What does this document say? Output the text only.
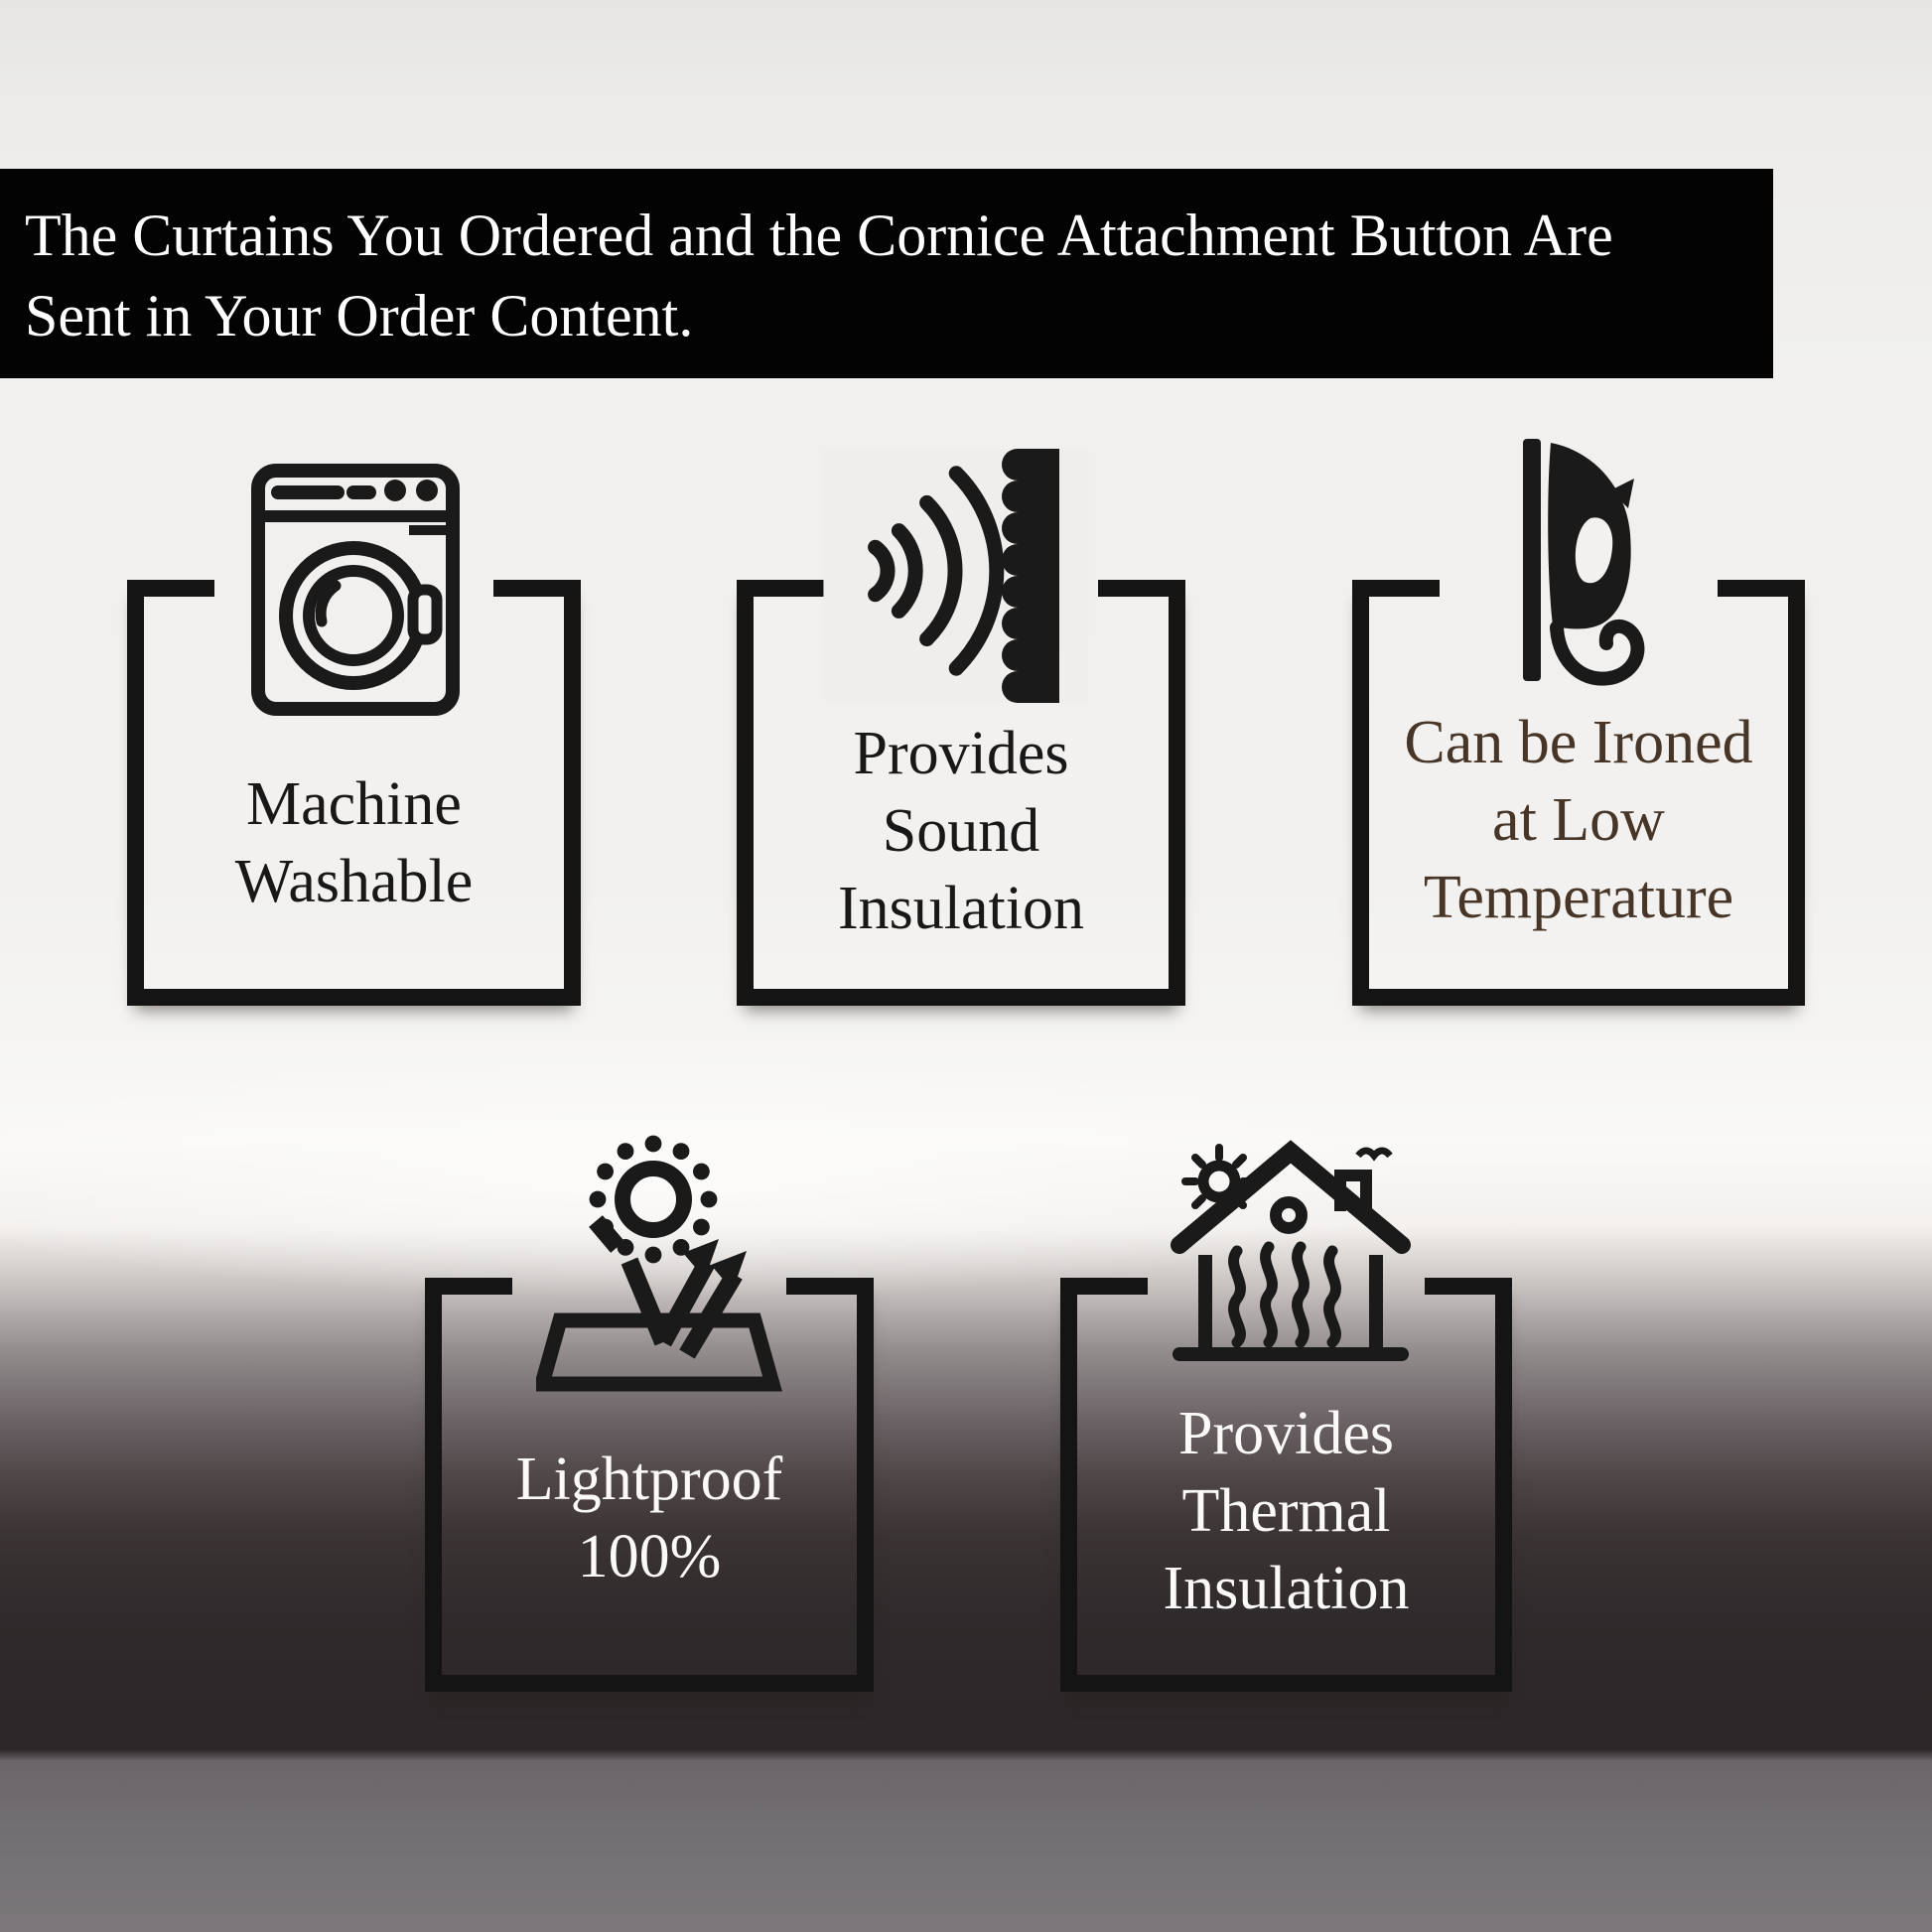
The Curtains You Ordered and the Cornice Attachment Button Are
Sent in Your Order Content.
Machine
Washable
Provides
Sound
Insulation
Can be Ironed
at Low
Temperature
Lightproof
100%
Provides
Thermal
Insulation
